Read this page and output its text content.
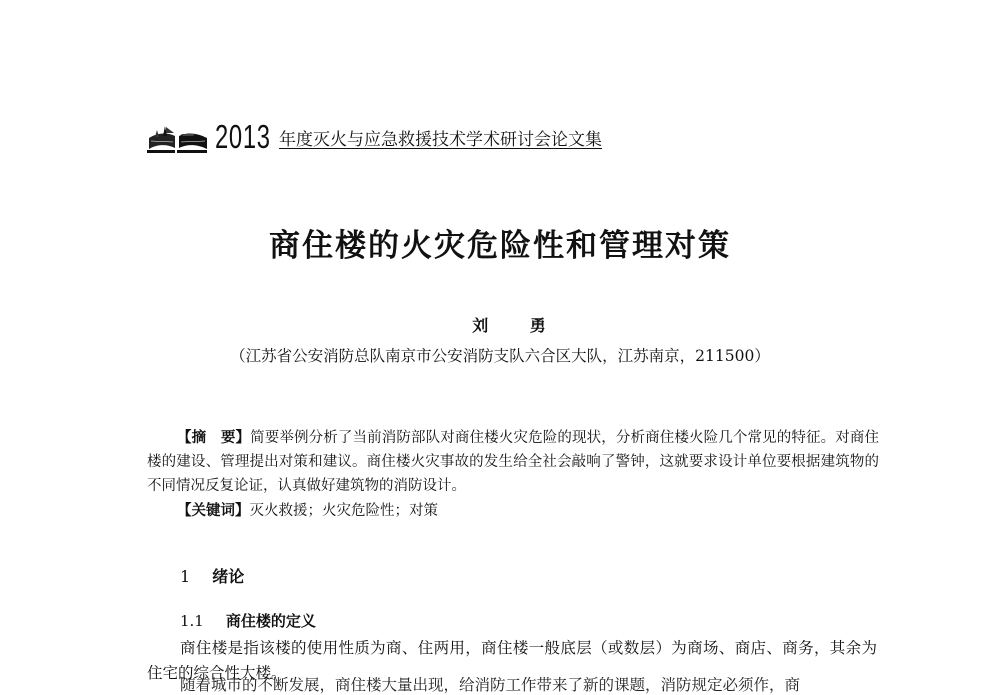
2013 年度灭火与应急救援技术学术研讨会论文集
商住楼的火灾危险性和管理对策
刘 勇
（江苏省公安消防总队南京市公安消防支队六合区大队，江苏南京，211500）
【摘　要】简要举例分析了当前消防部队对商住楼火灾危险的现状，分析商住楼火险几个常见的特征。对商住楼的建设、管理提出对策和建议。商住楼火灾事故的发生给全社会敲响了警钟，这就要求设计单位要根据建筑物的不同情况反复论证，认真做好建筑物的消防设计。
【关键词】灭火救援；火灾危险性；对策
1 绪论
1.1 商住楼的定义
商住楼是指该楼的使用性质为商、住两用，商住楼一般底层（或数层）为商场、商店、商务，其余为住宅的综合性大楼。
随着城市的不断发展，商住楼大量出现，给消防工作带来了新的课题，消防规定必须作，商
